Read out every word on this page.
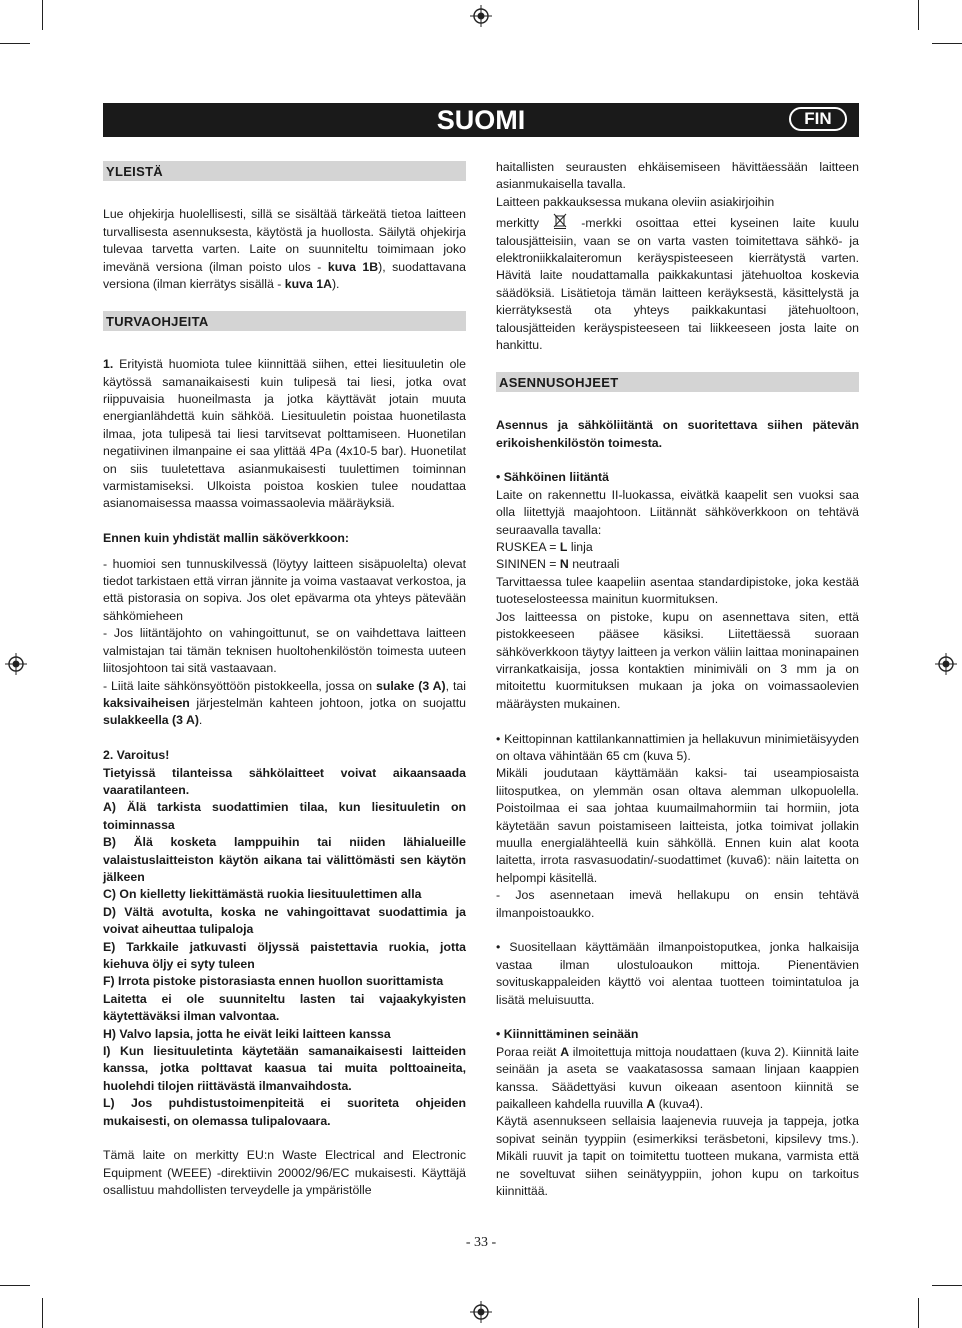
SUOMI	FIN
YLEISTÄ

Lue ohjekirja huolellisesti, sillä se sisältää tärkeätä tietoa laitteen turvallisesta asennuksesta, käytöstä ja huollosta. Säilytä ohjekirja tulevaa tarvetta varten. Laite on suunniteltu toimimaan joko imevänä versiona (ilman poisto ulos - kuva 1B), suodattavana versiona (ilman kierrätys sisällä - kuva 1A).

TURVAOHJEITA

1. Erityistä huomiota tulee kiinnittää siihen, ettei liesituuletin ole käytössä samanaikaisesti kuin tulipesä tai liesi, jotka ovat riippuvaisia huoneilmasta ja jotka käyttävät jotain muuta energianlähdettä kuin sähköä. Liesituuletin poistaa huonetilasta ilmaa, jota tulipesä tai liesi tarvitsevat polttamiseen. Huonetilan negatiivinen ilmanpaine ei saa ylittää 4Pa (4x10-5 bar). Huonetilat on siis tuuletettava asianmukaisesti tuulettimen toiminnan varmistamiseksi. Ulkoista poistoa koskien tulee noudattaa asianomaisessa maassa voimassaolevia määräyksiä.

Ennen kuin yhdistät mallin säköverkkoon:

- huomioi sen tunnuskilvessä (löytyy laitteen sisäpuolelta) olevat tiedot tarkistaen että virran jännite ja voima vastaavat verkostoa, ja että pistorasia on sopiva. Jos olet epävarma ota yhteys pätevään sähkömieheen

- Jos liitäntäjohto on vahingoittunut, se on vaihdettava laitteen valmistajan tai tämän teknisen huoltohenkilöstön toimesta uuteen liitosjohtoon tai sitä vastaavaan.

- Liitä laite sähkönsyöttöön pistokkeella, jossa on sulake (3 A), tai kaksivaiheisen järjestelmän kahteen johtoon, jotka on suojattu sulakkeella (3 A).

2. Varoitus!

Tietyissä tilanteissa sähkölaitteet voivat aikaansaada vaaratilanteen.

A) Älä tarkista suodattimien tilaa, kun liesituuletin on toiminnassa

B) Älä kosketa lamppuihin tai niiden lähialueille valaistuslaitteiston käytön aikana tai välittömästi sen käytön jälkeen

C) On kielletty liekittämästä ruokia liesituulettimen alla

D) Vältä avotulta, koska ne vahingoittavat suodattimia ja voivat aiheuttaa tulipaloja

E) Tarkkaile jatkuvasti öljyssä paistettavia ruokia, jotta kiehuva öljy ei syty tuleen

F) Irrota pistoke pistorasiasta ennen huollon suorittamista

Laitetta ei ole suunniteltu lasten tai vajaakykyisten käytettäväksi ilman valvontaa.

H) Valvo lapsia, jotta he eivät leiki laitteen kanssa

I) Kun liesituuletinta käytetään samanaikaisesti laitteiden kanssa, jotka polttavat kaasua tai muita polttoaineita, huolehdi tilojen riittävästä ilmanvaihdosta.

L) Jos puhdistustoimenpiteitä ei suoriteta ohjeiden mukaisesti, on olemassa tulipalovaara.

Tämä laite on merkitty EU:n Waste Electrical and Electronic Equipment (WEEE) -direktiivin 20002/96/EC mukaisesti. Käyttäjä osallistuu mahdollisten terveydelle ja ympäristölle

haitallisten seurausten ehkäisemiseen hävittäessään laitteen asianmukaisella tavalla.

Laitteen pakkauksessa mukana oleviin asiakirjoihin

merkitty  -merkki osoittaa ettei kyseinen laite kuulu talousjätteisiin, vaan se on varta vasten toimitettava sähkö- ja elektroniikkalaiteromun keräyspisteeseen kierrätystä varten. Hävitä laite noudattamalla paikkakuntasi jätehuoltoa koskevia säädöksiä. Lisätietoja tämän laitteen keräyksestä, käsittelystä ja kierrätyksestä ota yhteys paikkakuntasi jätehuoltoon, talousjätteiden keräyspisteeseen tai liikkeeseen josta laite on hankittu.

ASENNUSOHJEET

Asennus ja sähköliitäntä on suoritettava siihen pätevän erikoishenkilöstön toimesta.

• Sähköinen liitäntä

Laite on rakennettu II-luokassa, eivätkä kaapelit sen vuoksi saa olla liitettyjä maajohtoon. Liitännät sähköverkkoon on tehtävä seuraavalla tavalla:

RUSKEA = L linja

SININEN = N neutraali

Tarvittaessa tulee kaapeliin asentaa standardipistoke, joka kestää tuoteselosteessa mainitun kuormituksen.

Jos laitteessa on pistoke, kupu on asennettava siten, että pistokkeeseen pääsee käsiksi. Liitettäessä suoraan sähköverkkoon täytyy laitteen ja verkon väliin laittaa moninapainen virrankatkaisija, jossa kontaktien minimiväli on 3 mm ja on mitoitettu kuormituksen mukaan ja joka on voimassaolevien määräysten mukainen.

• Keittopinnan kattilankannattimien ja hellakuvun minimietäisyyden on oltava vähintään 65 cm (kuva 5).

Mikäli joudutaan käyttämään kaksi- tai useampiosaista liitosputkea, on ylemmän osan oltava alemman ulkopuolella. Poistoilmaa ei saa johtaa kuumailmahormiin tai hormiin, jota käytetään savun poistamiseen laitteista, jotka toimivat jollakin muulla energialähteellä kuin sähköllä. Ennen kuin alat koota laitetta, irrota rasvasuodatin/-suodattimet (kuva6): näin laitetta on helpompi käsitellä.

- Jos asennetaan imevä hellakupu on ensin tehtävä ilmanpoistoaukko.

• Suositellaan käyttämään ilmanpoistoputkea, jonka halkaisija vastaa ilman ulostuloaukon mittoja. Pienentävien sovituskappaleiden käyttö voi alentaa tuotteen toimintatuloa ja lisätä meluisuutta.

• Kiinnittäminen seinään

Poraa reiät A ilmoitettuja mittoja noudattaen (kuva 2). Kiinnitä laite seinään ja aseta se vaakatasossa samaan linjaan kaappien kanssa. Säädettyäsi kuvun oikeaan asentoon kiinnitä se paikalleen kahdella ruuvilla A (kuva4).

Käytä asennukseen sellaisia laajenevia ruuveja ja tappeja, jotka sopivat seinän tyyppiin (esimerkiksi teräsbetoni, kipsilevy tms.). Mikäli ruuvit ja tapit on toimitettu tuotteen mukana, varmista että ne soveltuvat siihen seinätyyppiin, johon kupu on tarkoitus kiinnittää.

- 33 -
